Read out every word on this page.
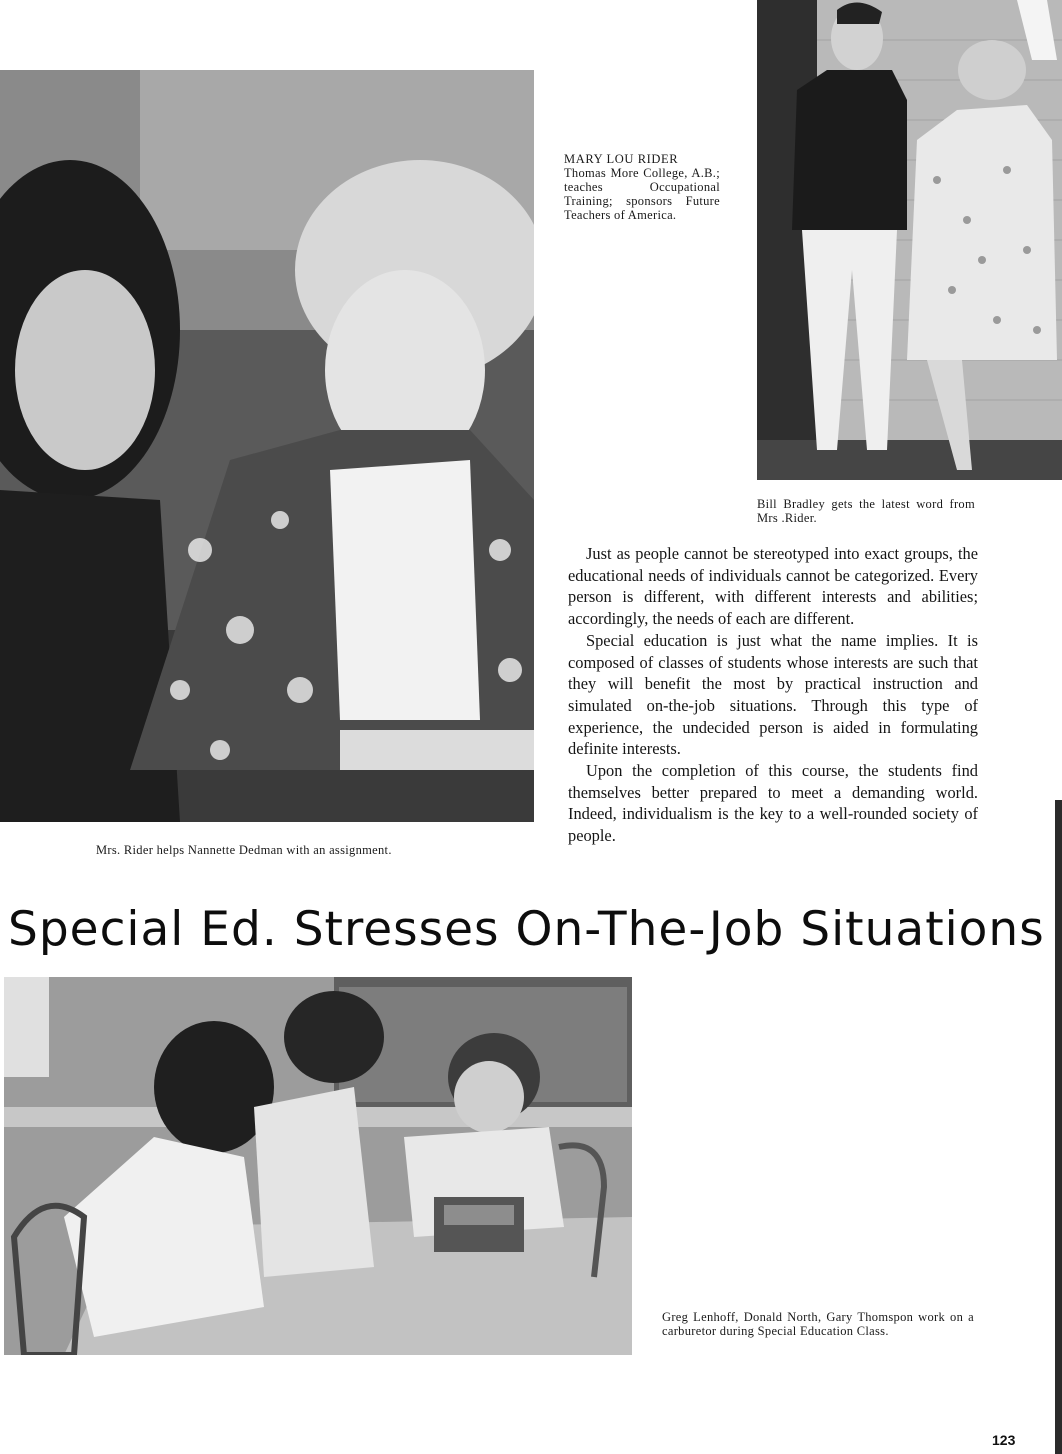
MARY LOU RIDER
Thomas More College, A.B.; teaches Occupational Training; sponsors Future Teachers of America.
Bill Bradley gets the latest word from Mrs .Rider.

Just as people cannot be stereotyped into exact groups, the educational needs of individuals cannot be categorized. Every person is different, with different interests and abilities; accordingly, the needs of each are different.

Special education is just what the name implies. It is composed of classes of students whose interests are such that they will benefit the most by practical instruction and simulated on-the-job situations. Through this type of experience, the undecided person is aided in formulating definite interests.

Upon the completion of this course, the students find themselves better prepared to meet a demanding world. Indeed, individualism is the key to a well-rounded society of people.

Mrs. Rider helps Nannette Dedman with an assignment.
Special Ed. Stresses On-The-Job Situations
Greg Lenhoff, Donald North, Gary Thomspon work on a carburetor during Special Education Class.
123
